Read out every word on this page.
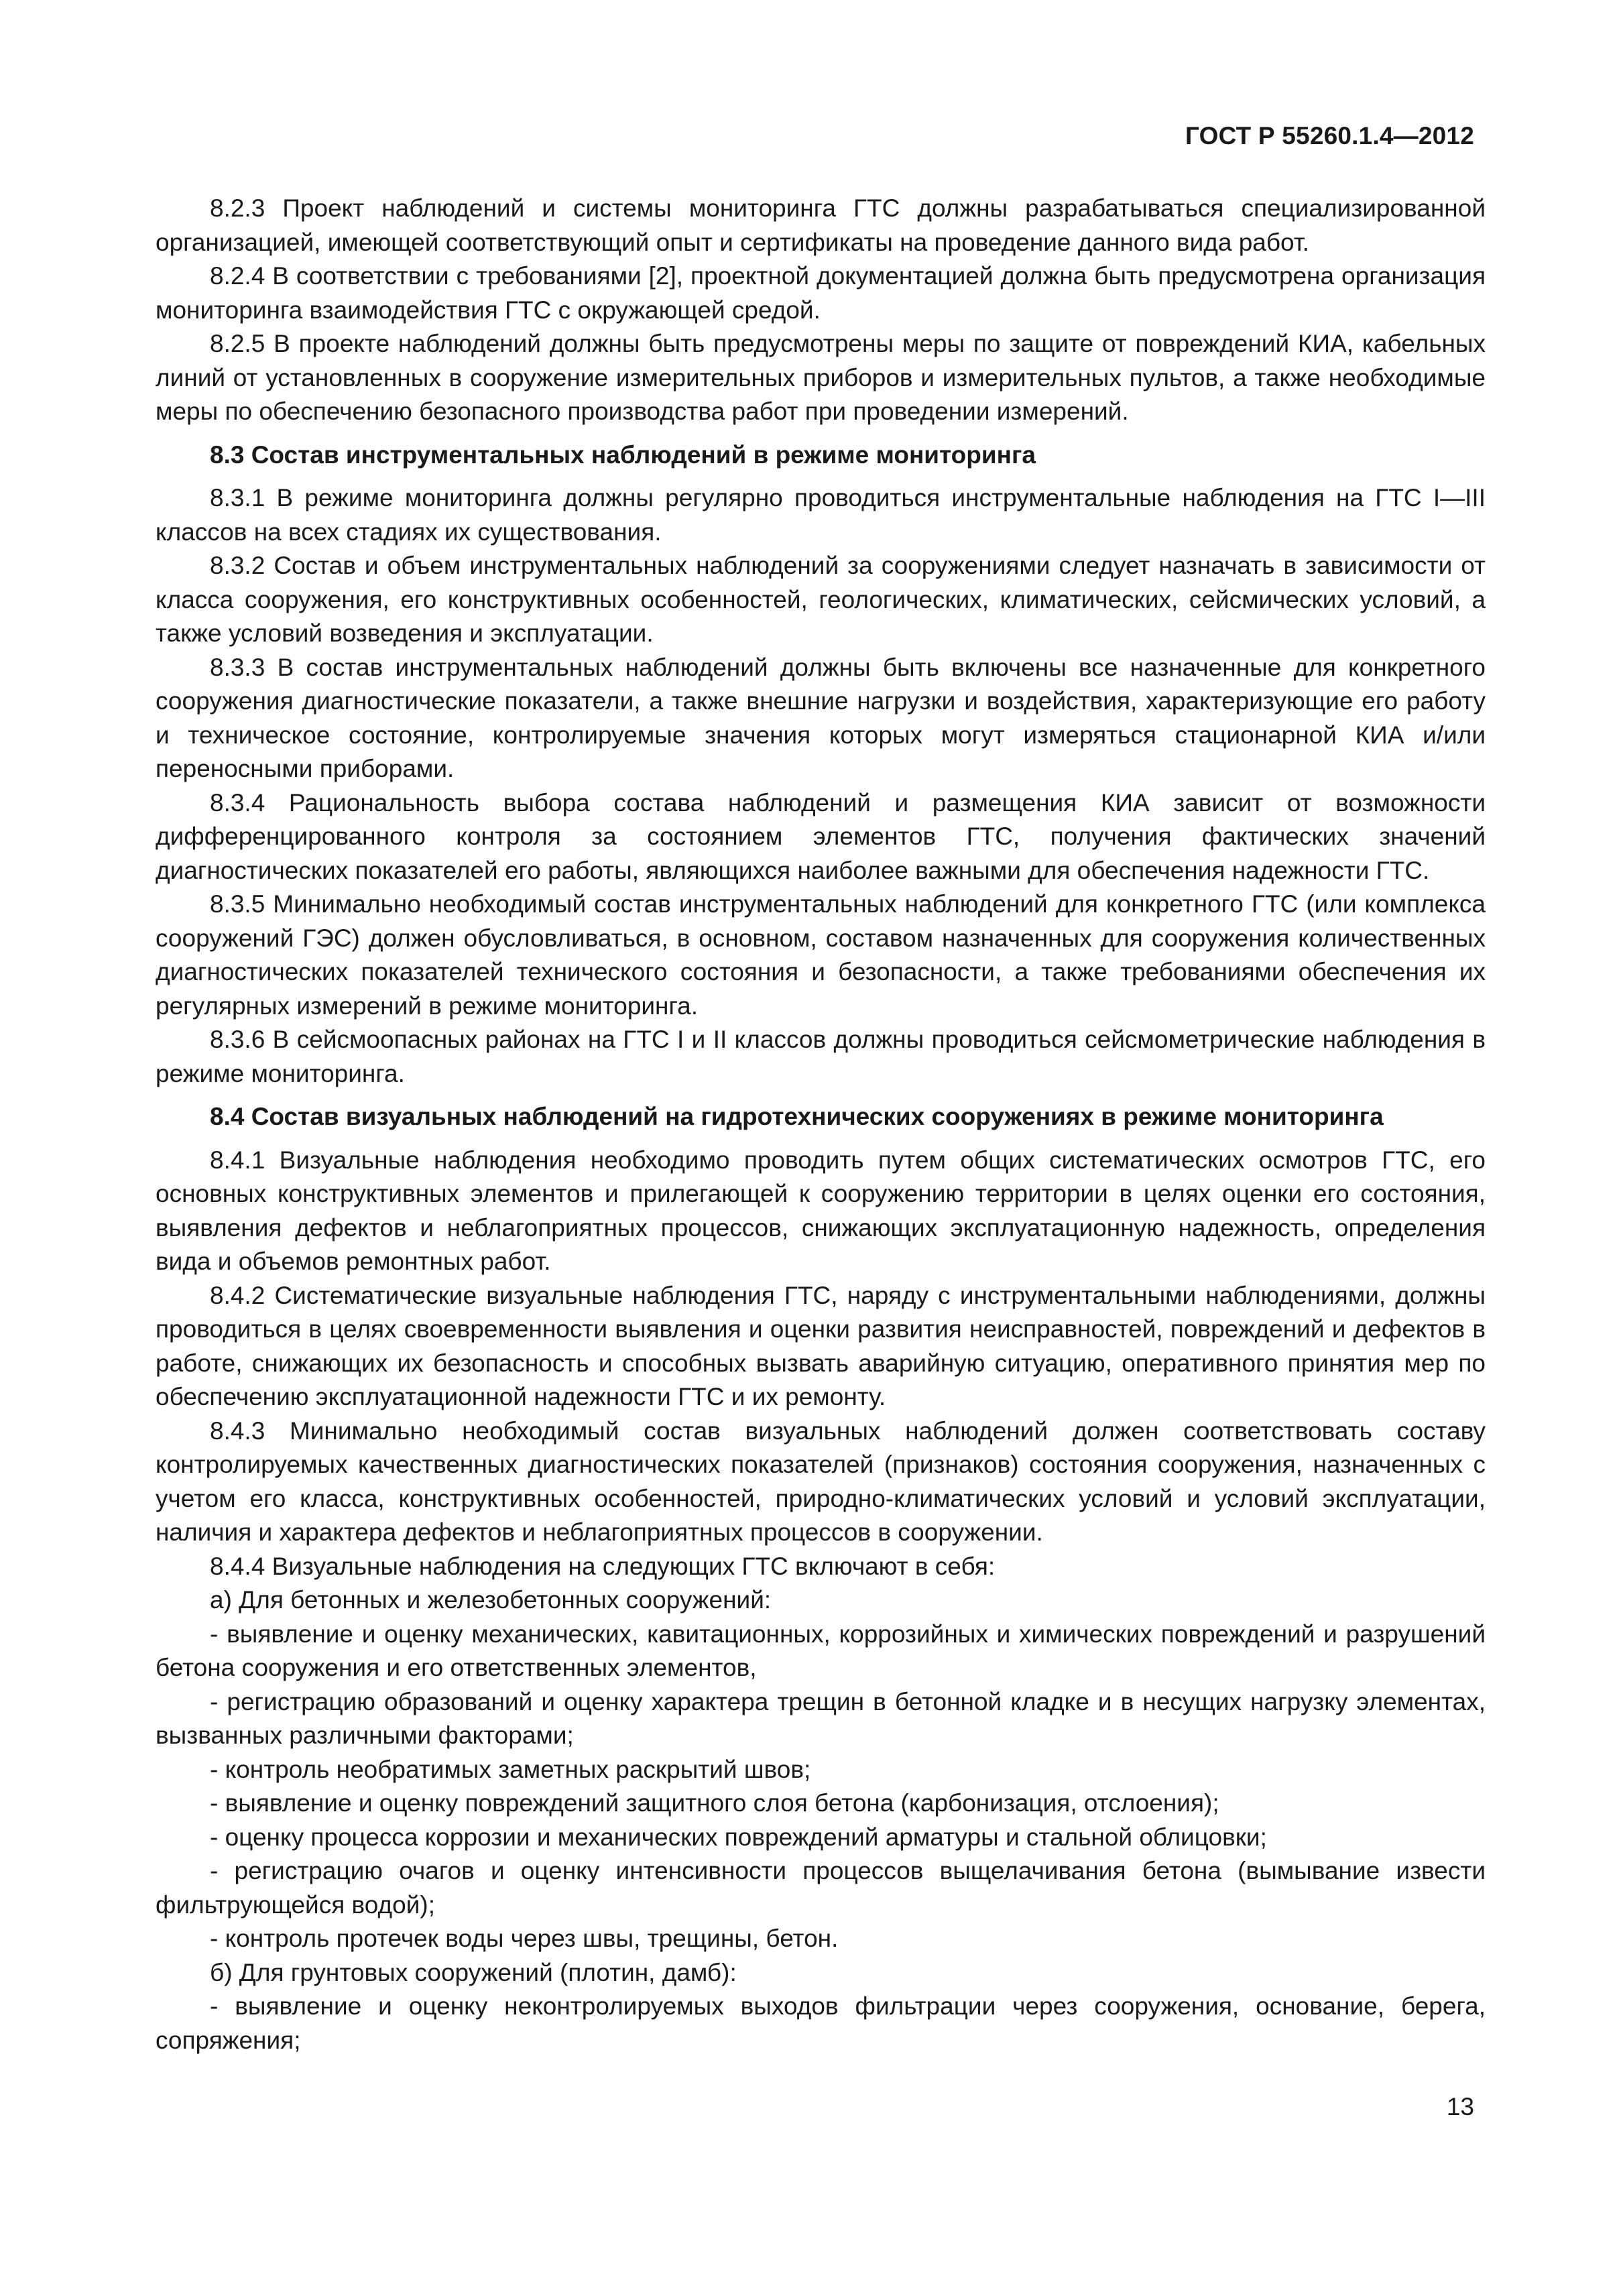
ГОСТ Р 55260.1.4—2012

8.2.3 Проект наблюдений и системы мониторинга ГТС должны разрабатываться специализированной организацией, имеющей соответствующий опыт и сертификаты на проведение данного вида работ.

8.2.4 В соответствии с требованиями [2], проектной документацией должна быть предусмотрена организация мониторинга взаимодействия ГТС с окружающей средой.

8.2.5 В проекте наблюдений должны быть предусмотрены меры по защите от повреждений КИА, кабельных линий от установленных в сооружение измерительных приборов и измерительных пультов, а также необходимые меры по обеспечению безопасного производства работ при проведении измерений.

8.3 Состав инструментальных наблюдений в режиме мониторинга

8.3.1 В режиме мониторинга должны регулярно проводиться инструментальные наблюдения на ГТС I—III классов на всех стадиях их существования.

8.3.2 Состав и объем инструментальных наблюдений за сооружениями следует назначать в зависимости от класса сооружения, его конструктивных особенностей, геологических, климатических, сейсмических условий, а также условий возведения и эксплуатации.

8.3.3 В состав инструментальных наблюдений должны быть включены все назначенные для конкретного сооружения диагностические показатели, а также внешние нагрузки и воздействия, характеризующие его работу и техническое состояние, контролируемые значения которых могут измеряться стационарной КИА и/или переносными приборами.

8.3.4 Рациональность выбора состава наблюдений и размещения КИА зависит от возможности дифференцированного контроля за состоянием элементов ГТС, получения фактических значений диагностических показателей его работы, являющихся наиболее важными для обеспечения надежности ГТС.

8.3.5 Минимально необходимый состав инструментальных наблюдений для конкретного ГТС (или комплекса сооружений ГЭС) должен обусловливаться, в основном, составом назначенных для сооружения количественных диагностических показателей технического состояния и безопасности, а также требованиями обеспечения их регулярных измерений в режиме мониторинга.

8.3.6 В сейсмоопасных районах на ГТС I и II классов должны проводиться сейсмометрические наблюдения в режиме мониторинга.

8.4 Состав визуальных наблюдений на гидротехнических сооружениях в режиме мониторинга

8.4.1 Визуальные наблюдения необходимо проводить путем общих систематических осмотров ГТС, его основных конструктивных элементов и прилегающей к сооружению территории в целях оценки его состояния, выявления дефектов и неблагоприятных процессов, снижающих эксплуатационную надежность, определения вида и объемов ремонтных работ.

8.4.2 Систематические визуальные наблюдения ГТС, наряду с инструментальными наблюдениями, должны проводиться в целях своевременности выявления и оценки развития неисправностей, повреждений и дефектов в работе, снижающих их безопасность и способных вызвать аварийную ситуацию, оперативного принятия мер по обеспечению эксплуатационной надежности ГТС и их ремонту.

8.4.3 Минимально необходимый состав визуальных наблюдений должен соответствовать составу контролируемых качественных диагностических показателей (признаков) состояния сооружения, назначенных с учетом его класса, конструктивных особенностей, природно-климатических условий и условий эксплуатации, наличия и характера дефектов и неблагоприятных процессов в сооружении.

8.4.4 Визуальные наблюдения на следующих ГТС включают в себя:

а) Для бетонных и железобетонных сооружений:

- выявление и оценку механических, кавитационных, коррозийных и химических повреждений и разрушений бетона сооружения и его ответственных элементов,

- регистрацию образований и оценку характера трещин в бетонной кладке и в несущих нагрузку элементах, вызванных различными факторами;

- контроль необратимых заметных раскрытий швов;

- выявление и оценку повреждений защитного слоя бетона (карбонизация, отслоения);

- оценку процесса коррозии и механических повреждений арматуры и стальной облицовки;

- регистрацию очагов и оценку интенсивности процессов выщелачивания бетона (вымывание извести фильтрующейся водой);

- контроль протечек воды через швы, трещины, бетон.

б) Для грунтовых сооружений (плотин, дамб):

- выявление и оценку неконтролируемых выходов фильтрации через сооружения, основание, берега, сопряжения;

13
